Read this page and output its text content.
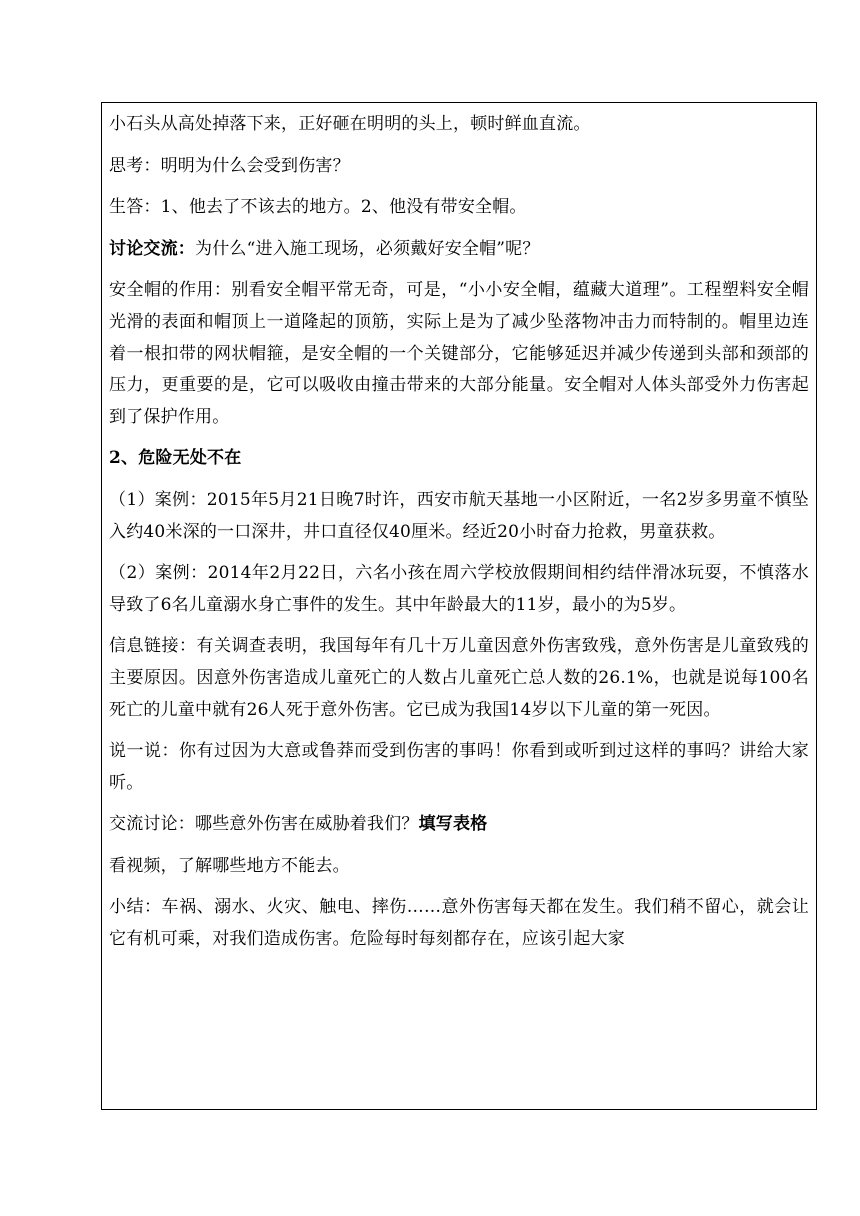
小石头从高处掉落下来，正好砸在明明的头上，顿时鲜血直流。

思考：明明为什么会受到伤害？

生答：1、他去了不该去的地方。2、他没有带安全帽。

讨论交流：为什么“进入施工现场，必须戴好安全帽”呢？

安全帽的作用：别看安全帽平常无奇，可是，“小小安全帽，蕴藏大道理”。工程塑料安全帽光滑的表面和帽顶上一道隆起的顶筋，实际上是为了减少坠落物冲击力而特制的。帽里边连着一根扣带的网状帽箍，是安全帽的一个关键部分，它能够延迟并减少传递到头部和颈部的压力，更重要的是，它可以吸收由撞击带来的大部分能量。安全帽对人体头部受外力伤害起到了保护作用。

2、危险无处不在

（1）案例：2015年5月21日晚7时许，西安市航天基地一小区附近，一名2岁多男童不慎坠入约40米深的一口深井，井口直径仅40厘米。经近20小时奋力抢救，男童获救。

（2）案例：2014年2月22日，六名小孩在周六学校放假期间相约结伴滑冰玩耍，不慎落水导致了6名儿童溺水身亡事件的发生。其中年龄最大的11岁，最小的为5岁。

信息链接：有关调查表明，我国每年有几十万儿童因意外伤害致残，意外伤害是儿童致残的主要原因。因意外伤害造成儿童死亡的人数占儿童死亡总人数的26.1%，也就是说每100名死亡的儿童中就有26人死于意外伤害。它已成为我国14岁以下儿童的第一死因。

说一说：你有过因为大意或鲁莽而受到伤害的事吗！你看到或听到过这样的事吗？讲给大家听。

交流讨论：哪些意外伤害在威胁着我们？填写表格

看视频，了解哪些地方不能去。

小结：车祸、溺水、火灾、触电、摔伤……意外伤害每天都在发生。我们稍不留心，就会让它有机可乘，对我们造成伤害。危险每时每刻都存在，应该引起大家
